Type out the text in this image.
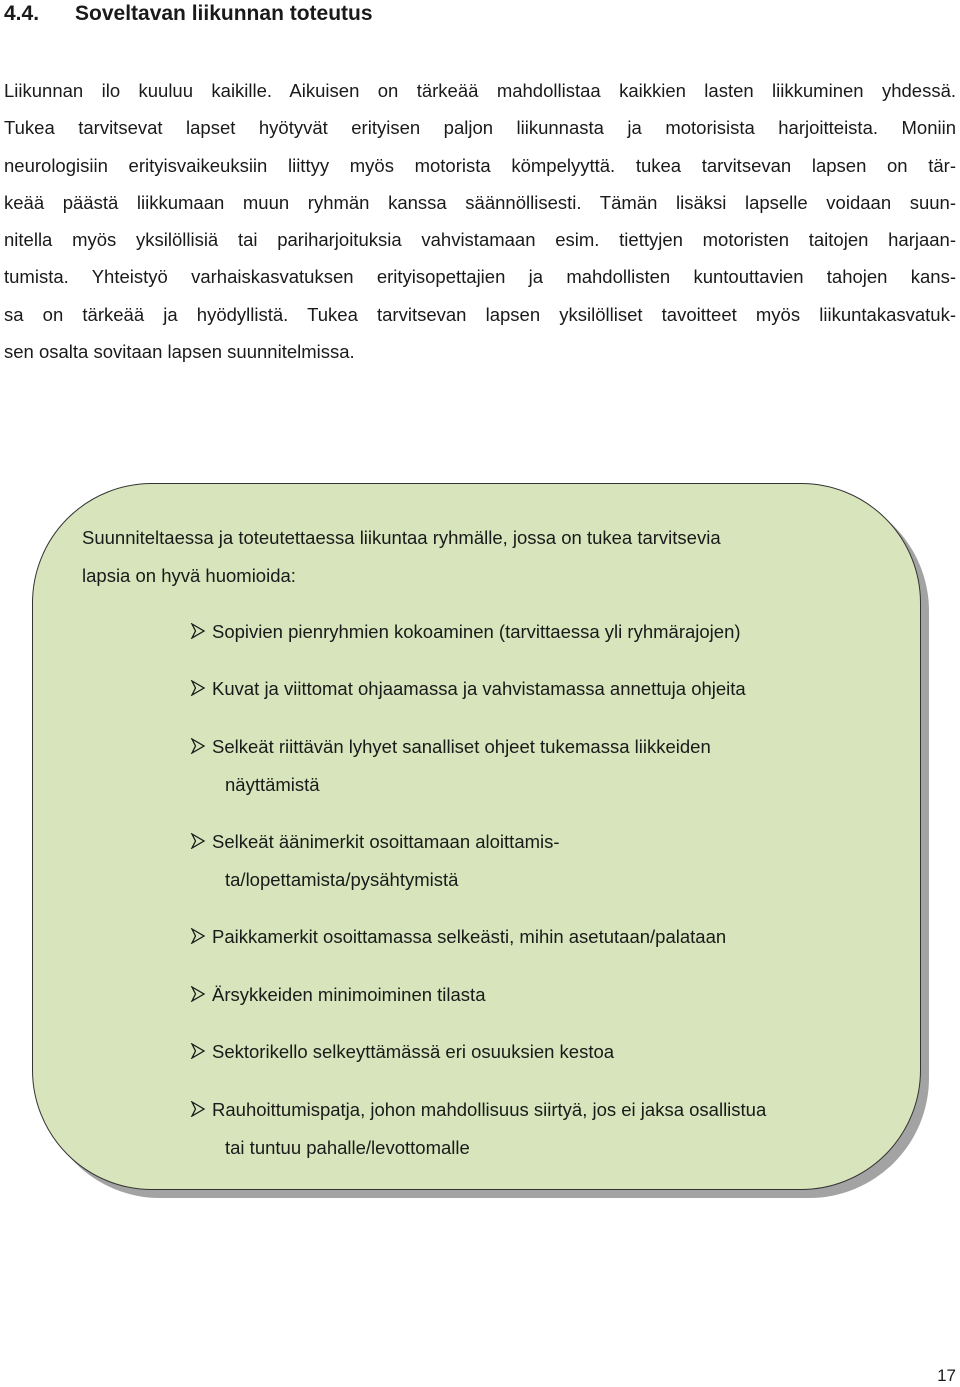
4.4. Soveltavan liikunnan toteutus
Liikunnan ilo kuuluu kaikille. Aikuisen on tärkeää mahdollistaa kaikkien lasten liikkuminen yhdessä.
Tukea tarvitsevat lapset hyötyvät erityisen paljon liikunnasta ja motorisista harjoitteista. Moniin
neurologisiin erityisvaikeuksiin liittyy myös motorista kömpelyyttä. tukea tarvitsevan lapsen on tär-
keää päästä liikkumaan muun ryhmän kanssa säännöllisesti. Tämän lisäksi lapselle voidaan suun-
nitella myös yksilöllisiä tai pariharjoituksia vahvistamaan esim. tiettyjen motoristen taitojen harjaan-
tumista. Yhteistyö varhaiskasvatuksen erityisopettajien ja mahdollisten kuntouttavien tahojen kans-
sa on tärkeää ja hyödyllistä. Tukea tarvitsevan lapsen yksilölliset tavoitteet myös liikuntakasvatuk-
sen osalta sovitaan lapsen suunnitelmissa.
Suunniteltaessa ja toteutettaessa liikuntaa ryhmälle, jossa on tukea tarvitsevia
lapsia on hyvä huomioida:
Sopivien pienryhmien kokoaminen (tarvittaessa yli ryhmärajojen)
Kuvat ja viittomat ohjaamassa ja vahvistamassa annettuja ohjeita
Selkeät riittävän lyhyet sanalliset ohjeet tukemassa liikkeiden
näyttämistä
Selkeät äänimerkit osoittamaan aloittamis-
ta/lopettamista/pysähtymistä
Paikkamerkit osoittamassa selkeästi, mihin asetutaan/palataan
Ärsykkeiden minimoiminen tilasta
Sektorikello selkeyttämässä eri osuuksien kestoa
Rauhoittumispatja, johon mahdollisuus siirtyä, jos ei jaksa osallistua
tai tuntuu pahalle/levottomalle
17
